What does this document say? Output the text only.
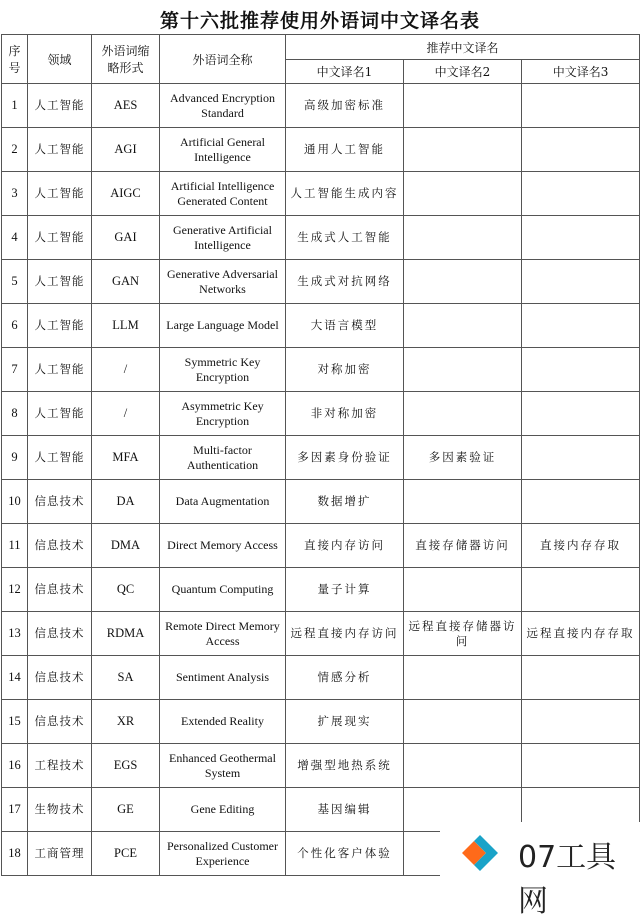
第十六批推荐使用外语词中文译名表
序号	领域	外语词缩略形式	外语词全称	推荐中文译名		
				中文译名1	中文译名2	中文译名3
1	人工智能	AES	Advanced Encryption Standard	高级加密标准		
2	人工智能	AGI	Artificial General Intelligence	通用人工智能		
3	人工智能	AIGC	Artificial Intelligence Generated Content	人工智能生成内容		
4	人工智能	GAI	Generative Artificial Intelligence	生成式人工智能		
5	人工智能	GAN	Generative Adversarial Networks	生成式对抗网络		
6	人工智能	LLM	Large Language Model	大语言模型		
7	人工智能	/	Symmetric Key Encryption	对称加密		
8	人工智能	/	Asymmetric Key Encryption	非对称加密		
9	人工智能	MFA	Multi-factor Authentication	多因素身份验证	多因素验证	
10	信息技术	DA	Data Augmentation	数据增扩		
11	信息技术	DMA	Direct Memory Access	直接内存访问	直接存储器访问	直接内存存取
12	信息技术	QC	Quantum Computing	量子计算		
13	信息技术	RDMA	Remote Direct Memory Access	远程直接内存访问	远程直接存储器访问	远程直接内存存取
14	信息技术	SA	Sentiment Analysis	情感分析		
15	信息技术	XR	Extended Reality	扩展现实		
16	工程技术	EGS	Enhanced Geothermal System	增强型地热系统		
17	生物技术	GE	Gene Editing	基因编辑		
18	工商管理	PCE	Personalized Customer Experience	个性化客户体验			07工具网
